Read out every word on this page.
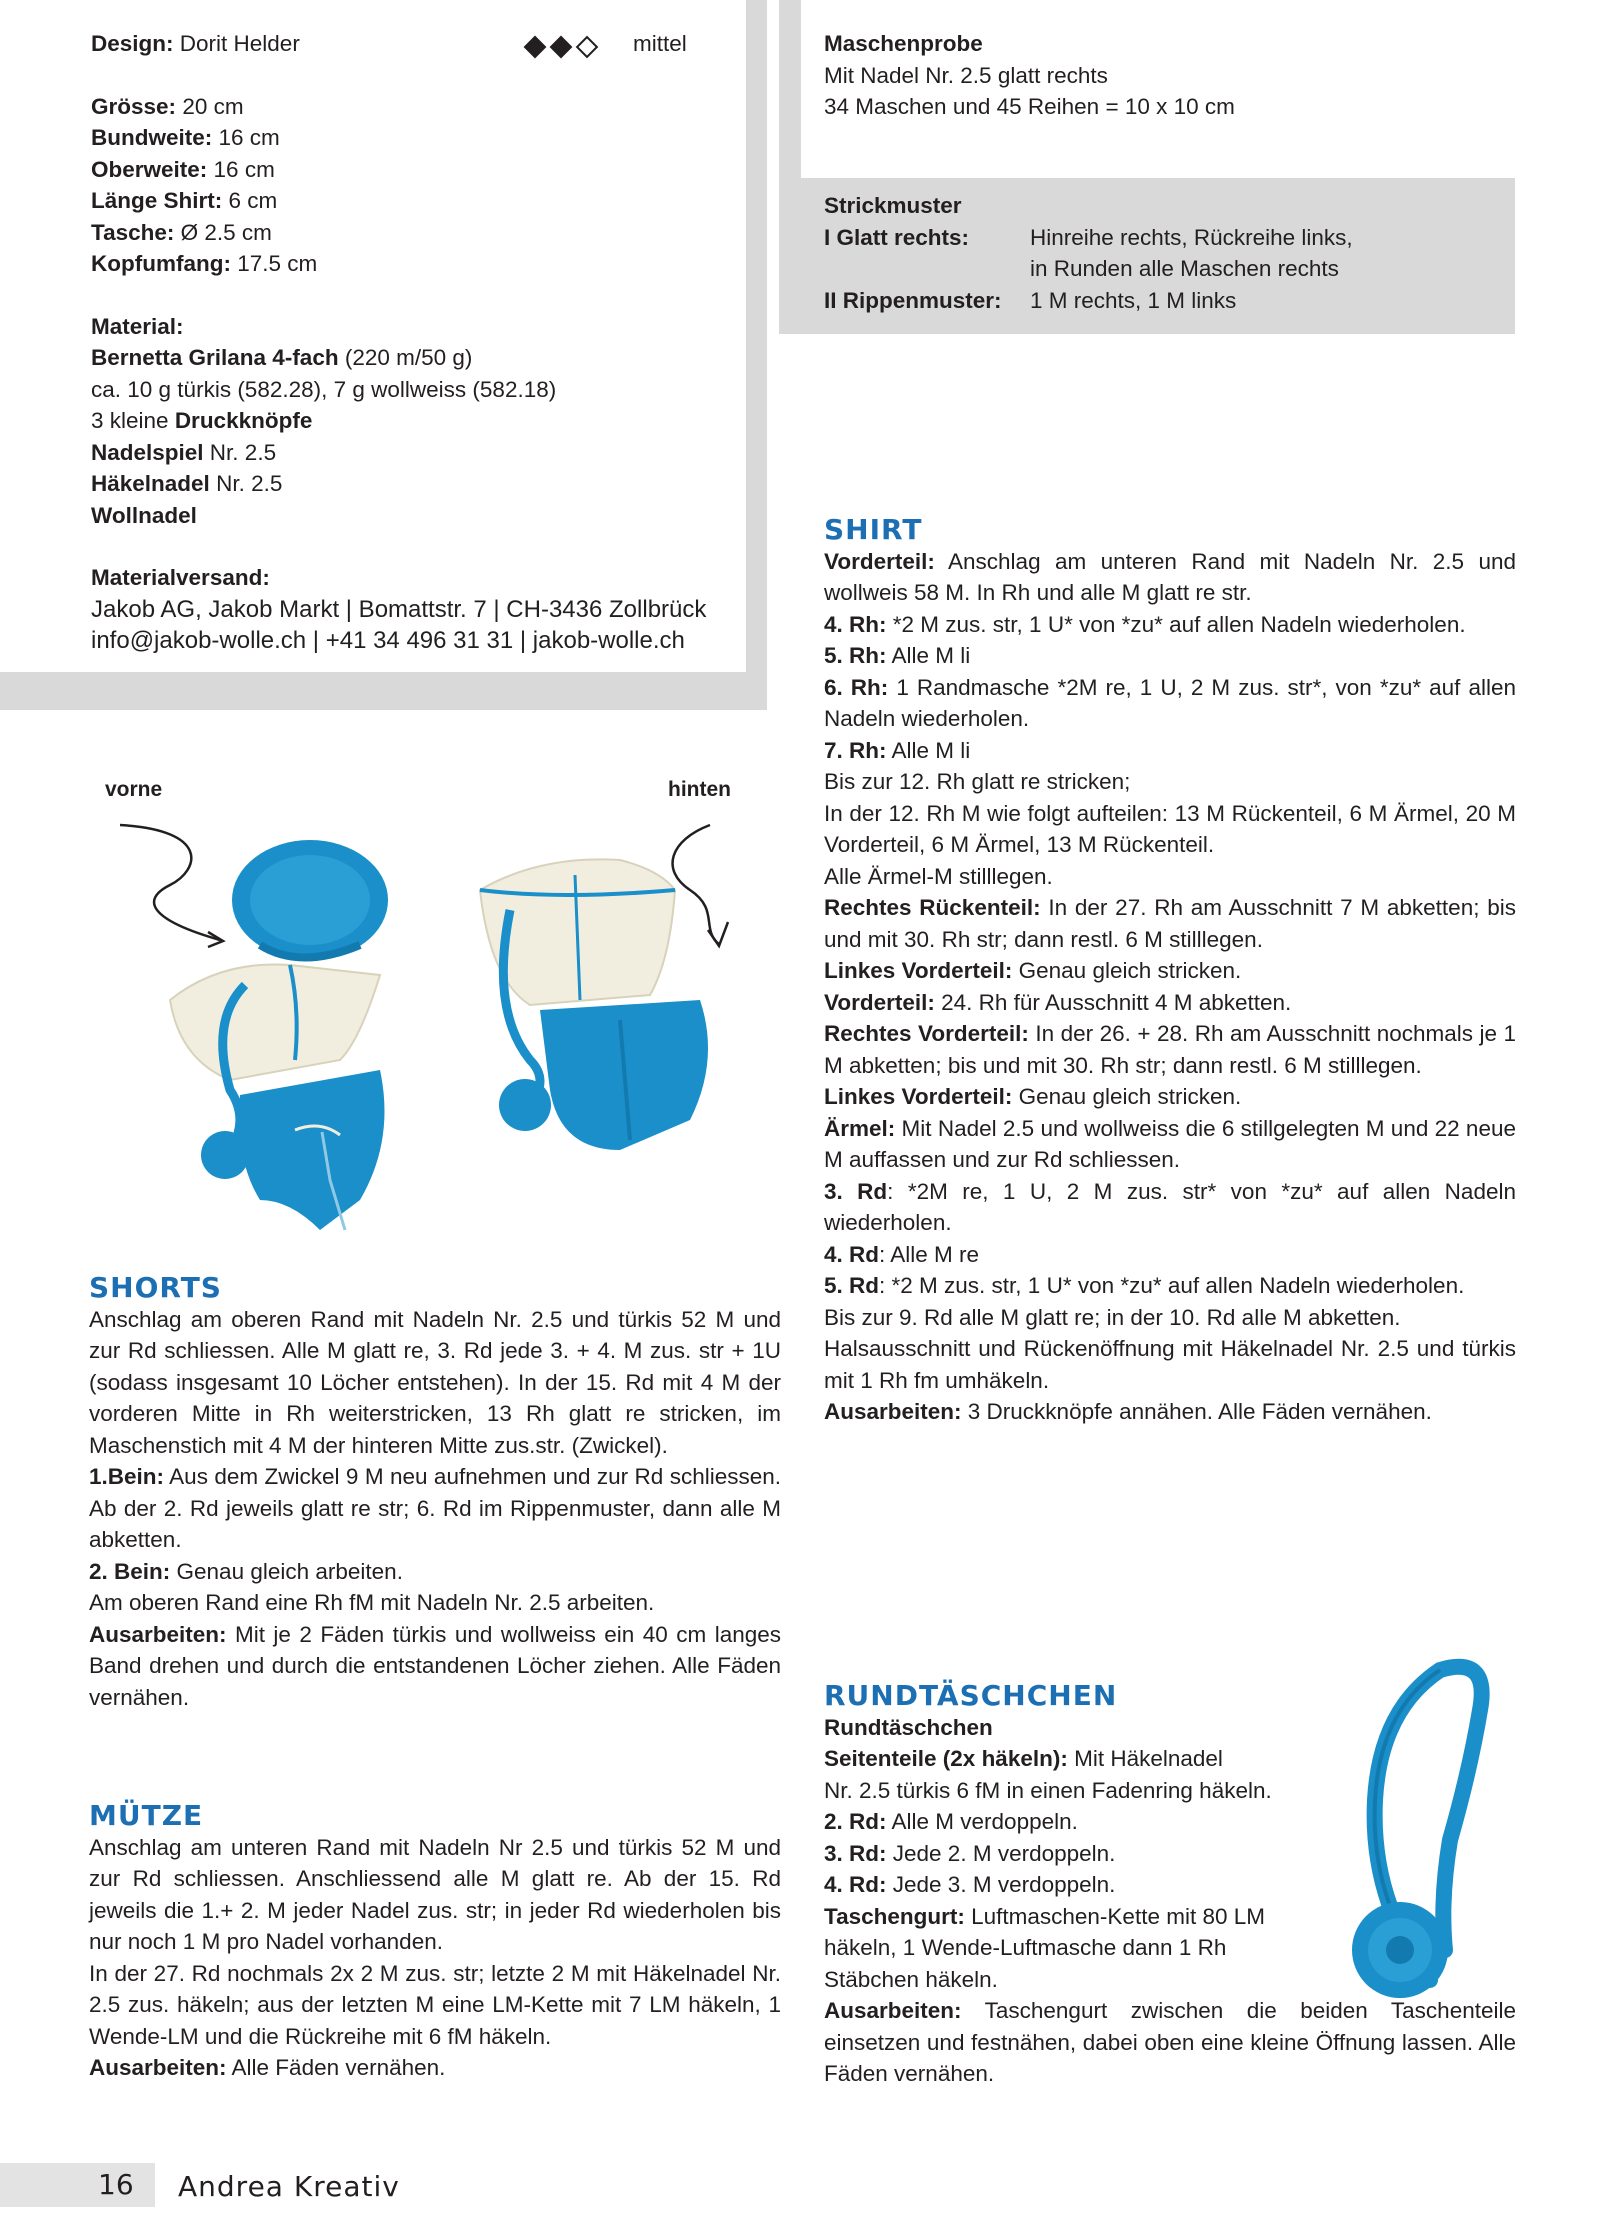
Design: Dorit Helder	mittel
Grösse: 20 cm
Bundweite: 16 cm
Oberweite: 16 cm
Länge Shirt: 6 cm
Tasche: Ø 2.5 cm
Kopfumfang: 17.5 cm
Material:
Bernetta Grilana 4-fach (220 m/50 g)
ca. 10 g türkis (582.28), 7 g wollweiss (582.18)
3 kleine Druckknöpfe
Nadelspiel Nr. 2.5
Häkelnadel Nr. 2.5
Wollnadel
Materialversand:
Jakob AG, Jakob Markt | Bomattstr. 7 | CH-3436 Zollbrück
info@jakob-wolle.ch | +41 34 496 31 31 | jakob-wolle.ch
vorne	hinten
SHORTS

Anschlag am oberen Rand mit Nadeln Nr. 2.5 und türkis 52 M und zur Rd schliessen. Alle M glatt re, 3. Rd jede 3. + 4. M zus. str + 1U (sodass insgesamt 10 Löcher entstehen). In der 15. Rd mit 4 M der vorderen Mitte in Rh weiterstricken, 13 Rh glatt re stricken, im Maschenstich mit 4 M der hinteren Mitte zus.str. (Zwickel).

1.Bein: Aus dem Zwickel 9 M neu aufnehmen und zur Rd schliessen. Ab der 2. Rd jeweils glatt re str; 6. Rd im Rippenmuster, dann alle M abketten.

2. Bein: Genau gleich arbeiten.

Am oberen Rand eine Rh fM mit Nadeln Nr. 2.5 arbeiten.

Ausarbeiten: Mit je 2 Fäden türkis und wollweiss ein 40 cm langes Band drehen und durch die entstandenen Löcher ziehen. Alle Fäden vernähen.

MÜTZE

Anschlag am unteren Rand mit Nadeln Nr 2.5 und türkis 52 M und zur Rd schliessen. Anschliessend alle M glatt re. Ab der 15. Rd jeweils die 1.+ 2. M jeder Nadel zus. str; in jeder Rd wiederholen bis nur noch 1 M pro Nadel vorhanden.

In der 27. Rd nochmals 2x 2 M zus. str; letzte 2 M mit Häkelnadel Nr. 2.5 zus. häkeln; aus der letzten M eine LM-Kette mit 7 LM häkeln, 1 Wende-LM und die Rückreihe mit 6 fM häkeln.

Ausarbeiten: Alle Fäden vernähen.

Maschenprobe
Mit Nadel Nr. 2.5 glatt rechts
34 Maschen und 45 Reihen = 10 x 10 cm
Strickmuster
I Glatt rechts:	Hinreihe rechts, Rückreihe links,
in Runden alle Maschen rechts
II Rippenmuster: 1 M rechts, 1 M links
SHIRT

Vorderteil: Anschlag am unteren Rand mit Nadeln Nr. 2.5 und wollweis 58 M. In Rh und alle M glatt re str.

4. Rh: *2 M zus. str, 1 U* von *zu* auf allen Nadeln wiederholen.

5. Rh: Alle M li

6. Rh: 1 Randmasche *2M re, 1 U, 2 M zus. str*, von *zu* auf allen Nadeln wiederholen.

7. Rh: Alle M li

Bis zur 12. Rh glatt re stricken;

In der 12. Rh M wie folgt aufteilen: 13 M Rückenteil, 6 M Ärmel, 20 M Vorderteil, 6 M Ärmel, 13 M Rückenteil.

Alle Ärmel-M stilllegen.

Rechtes Rückenteil: In der 27. Rh am Ausschnitt 7 M abketten; bis und mit 30. Rh str; dann restl. 6 M stilllegen.

Linkes Vorderteil: Genau gleich stricken.

Vorderteil: 24. Rh für Ausschnitt 4 M abketten.

Rechtes Vorderteil: In der 26. + 28. Rh am Ausschnitt nochmals je 1 M abketten; bis und mit 30. Rh str; dann restl. 6 M stilllegen.

Linkes Vorderteil: Genau gleich stricken.

Ärmel: Mit Nadel 2.5 und wollweiss die 6 stillgelegten M und 22 neue M auffassen und zur Rd schliessen.

3. Rd: *2M re, 1 U, 2 M zus. str* von *zu* auf allen Nadeln wiederholen.

4. Rd: Alle M re

5. Rd: *2 M zus. str, 1 U* von *zu* auf allen Nadeln wiederholen.

Bis zur 9. Rd alle M glatt re; in der 10. Rd alle M abketten.

Halsausschnitt und Rückenöffnung mit Häkelnadel Nr. 2.5 und türkis mit 1 Rh fm umhäkeln.

Ausarbeiten: 3 Druckknöpfe annähen. Alle Fäden vernähen.

RUNDTÄSCHCHEN
Rundtäschchen
Seitenteile (2x häkeln): Mit Häkelnadel
Nr. 2.5 türkis 6 fM in einen Fadenring häkeln.
2. Rd: Alle M verdoppeln.
3. Rd: Jede 2. M verdoppeln.
4. Rd: Jede 3. M verdoppeln.
Taschengurt: Luftmaschen-Kette mit 80 LM
häkeln, 1 Wende-Luftmasche dann 1 Rh
Stäbchen häkeln.

Ausarbeiten: Taschengurt zwischen die beiden Taschenteile einsetzen und festnähen, dabei oben eine kleine Öffnung lassen. Alle Fäden vernähen.

16 Andrea Kreativ
